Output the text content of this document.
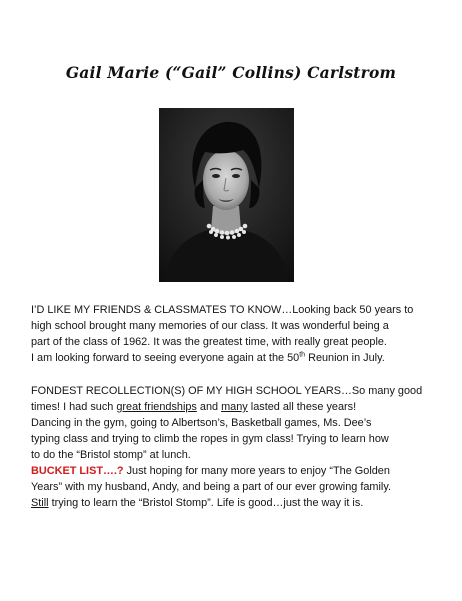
Gail Marie (“Gail” Collins) Carlstrom
I’D LIKE MY FRIENDS & CLASSMATES TO KNOW…Looking back 50 years to
high school brought many memories of our class. It was wonderful being a
part of the class of 1962. It was the greatest time, with really great people.
I am looking forward to seeing everyone again at the 50th Reunion in July.
FONDEST RECOLLECTION(S) OF MY HIGH SCHOOL YEARS…So many good
times! I had such great friendships and many lasted all these years!
Dancing in the gym, going to Albertson’s, Basketball games, Ms. Dee’s
typing class and trying to climb the ropes in gym class! Trying to learn how
to do the “Bristol stomp” at lunch.
BUCKET LIST….? Just hoping for many more years to enjoy “The Golden
Years” with my husband, Andy, and being a part of our ever growing family.
Still trying to learn the “Bristol Stomp”. Life is good…just the way it is.
